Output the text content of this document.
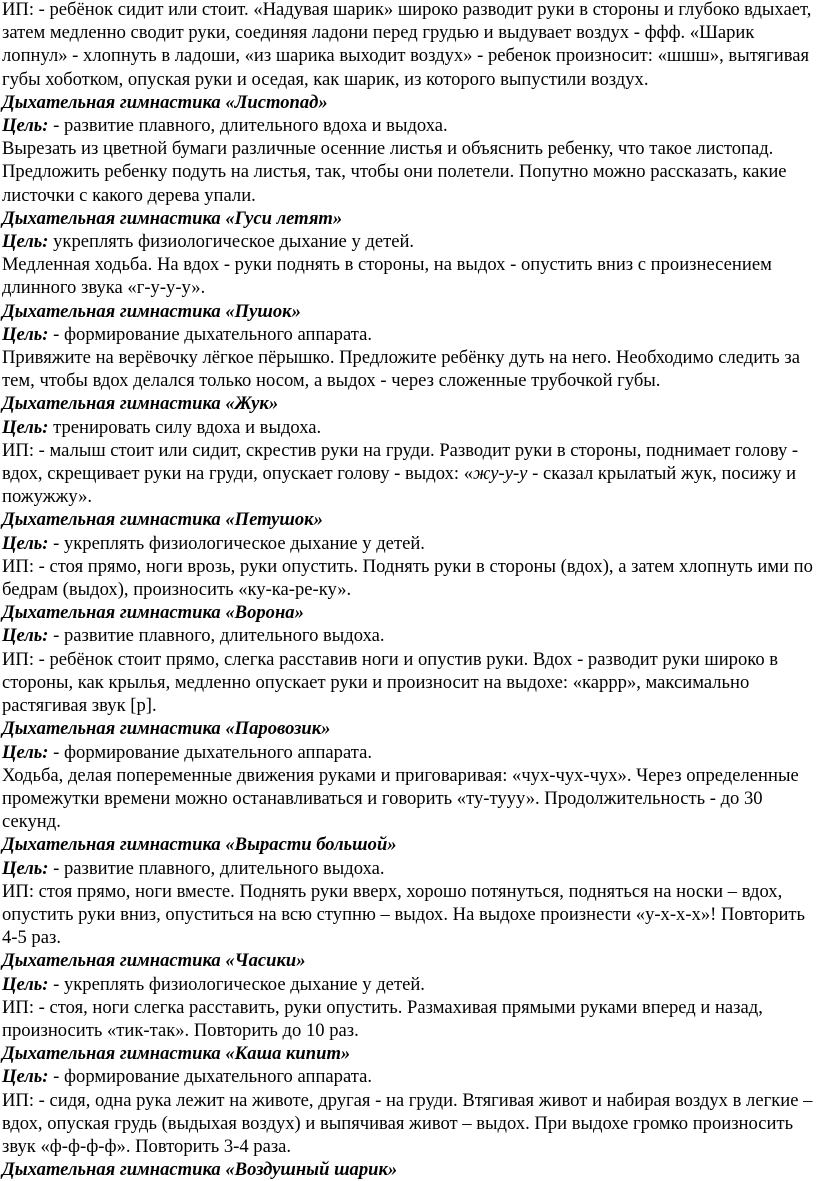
ИП: - ребёнок сидит или стоит. «Надувая шарик» широко разводит руки в стороны и глубоко вдыхает, затем медленно сводит руки, соединяя ладони перед грудью и выдувает воздух - ффф. «Шарик лопнул» - хлопнуть в ладоши, «из шарика выходит воздух» - ребенок произносит: «шшш», вытягивая губы хоботком, опуская руки и оседая, как шарик, из которого выпустили воздух.

Дыхательная гимнастика «Листопад»

Цель: - развитие плавного, длительного вдоха и выдоха.

Вырезать из цветной бумаги различные осенние листья и объяснить ребенку, что такое листопад. Предложить ребенку подуть на листья, так, чтобы они полетели. Попутно можно рассказать, какие листочки с какого дерева упали.

Дыхательная гимнастика «Гуси летят»

Цель: укреплять физиологическое дыхание у детей.

Медленная ходьба. На вдох - руки поднять в стороны, на выдох - опустить вниз с произнесением длинного звука «г-у-у-у».

Дыхательная гимнастика «Пушок»

Цель: - формирование дыхательного аппарата.

Привяжите на верёвочку лёгкое пёрышко. Предложите ребёнку дуть на него. Необходимо следить за тем, чтобы вдох делался только носом, а выдох - через сложенные трубочкой губы.

Дыхательная гимнастика «Жук»

Цель: тренировать силу вдоха и выдоха.

ИП: - малыш стоит или сидит, скрестив руки на груди. Разводит руки в стороны, поднимает голову - вдох, скрещивает руки на груди, опускает голову - выдох: «жу-у-у - сказал крылатый жук, посижу и пожужжу».

Дыхательная гимнастика «Петушок»

Цель: - укреплять физиологическое дыхание у детей.

ИП: - стоя прямо, ноги врозь, руки опустить. Поднять руки в стороны (вдох), а затем хлопнуть ими по бедрам (выдох), произносить «ку-ка-ре-ку».

Дыхательная гимнастика «Ворона»

Цель: - развитие плавного, длительного выдоха.

ИП: - ребёнок стоит прямо, слегка расставив ноги и опустив руки. Вдох - разводит руки широко в стороны, как крылья, медленно опускает руки и произносит на выдохе: «каррр», максимально растягивая звук [р].

Дыхательная гимнастика «Паровозик»

Цель: - формирование дыхательного аппарата.

Ходьба, делая попеременные движения руками и приговаривая: «чух-чух-чух». Через определенные промежутки времени можно останавливаться и говорить «ту-тууу». Продолжительность - до 30 секунд.

Дыхательная гимнастика «Вырасти большой»

Цель: - развитие плавного, длительного выдоха.

ИП: стоя прямо, ноги вместе. Поднять руки вверх, хорошо потянуться, подняться на носки – вдох, опустить руки вниз, опуститься на всю ступню – выдох. На выдохе произнести «у-х-х-х»! Повторить 4-5 раз.

Дыхательная гимнастика «Часики»

Цель: - укреплять физиологическое дыхание у детей.

ИП: - стоя, ноги слегка расставить, руки опустить. Размахивая прямыми руками вперед и назад, произносить «тик-так». Повторить до 10 раз.

Дыхательная гимнастика «Каша кипит»

Цель: - формирование дыхательного аппарата.

ИП: - сидя, одна рука лежит на животе, другая - на груди. Втягивая живот и набирая воздух в легкие – вдох, опуская грудь (выдыхая воздух) и выпячивая живот – выдох. При выдохе громко произносить звук «ф-ф-ф-ф». Повторить 3-4 раза.

Дыхательная гимнастика «Воздушный шарик»
